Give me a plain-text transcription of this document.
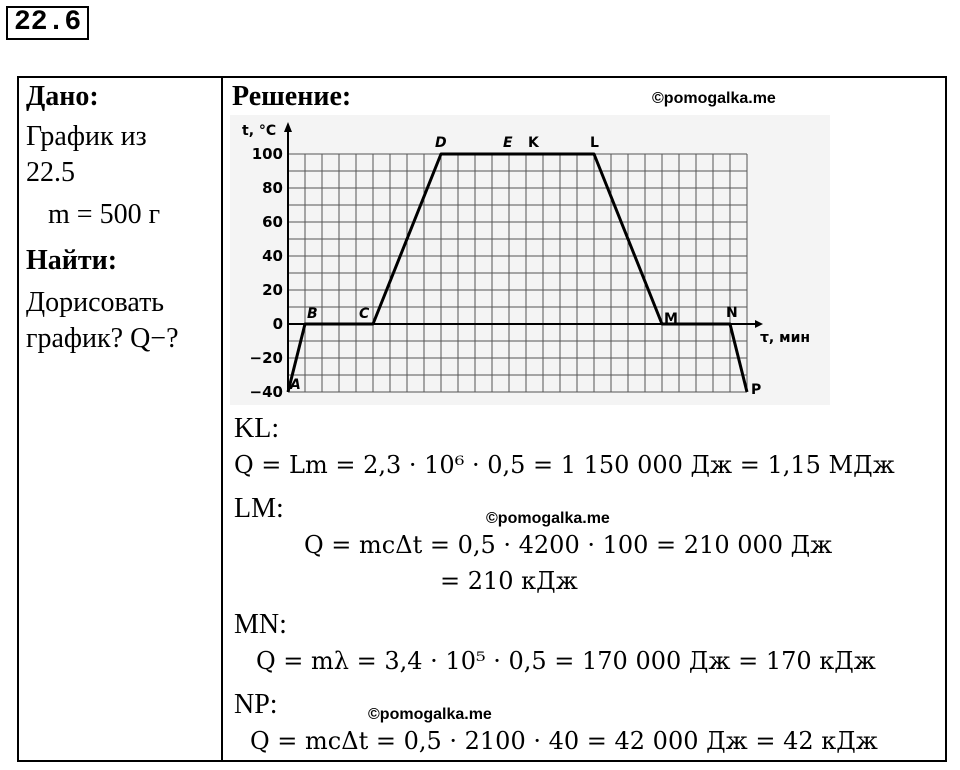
22.6
Дано:
График из
22.5
m = 500 г
Найти:
Дорисовать
график? Q−?
Решение:	©pomogalka.me
100
80
60
40
20
0
−20
−40 A
B	C
D	E K	L
M	N
P
t, °C
τ, мин
KL:
Q = Lm = 2,3 · 10⁶ · 0,5 = 1 150 000 Дж = 1,15 МДж
LM:	©pomogalka.me
Q = mcΔt = 0,5 · 4200 · 100 = 210 000 Дж
= 210 кДж
MN:
Q = mλ = 3,4 · 10⁵ · 0,5 = 170 000 Дж = 170 кДж
NP:	©pomogalka.me
Q = mcΔt = 0,5 · 2100 · 40 = 42 000 Дж = 42 кДж
